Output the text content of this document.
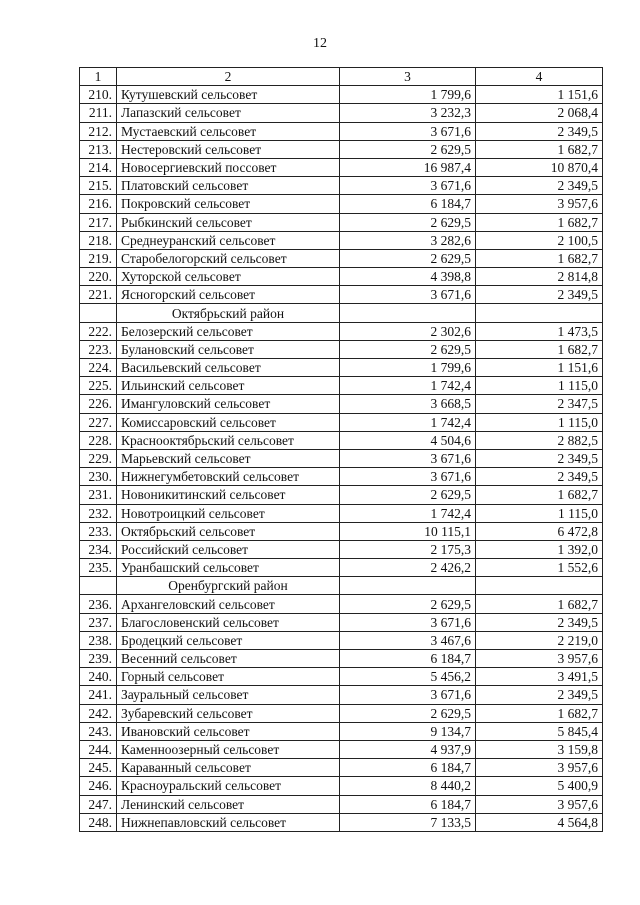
12
1	2	3	4
210.	Кутушевский сельсовет	1 799,6	1 151,6
211.	Лапазский сельсовет	3 232,3	2 068,4
212.	Мустаевский сельсовет	3 671,6	2 349,5
213.	Нестеровский сельсовет	2 629,5	1 682,7
214.	Новосергиевский поссовет	16 987,4	10 870,4
215.	Платовский сельсовет	3 671,6	2 349,5
216.	Покровский сельсовет	6 184,7	3 957,6
217.	Рыбкинский сельсовет	2 629,5	1 682,7
218.	Среднеуранский сельсовет	3 282,6	2 100,5
219.	Старобелогорский сельсовет	2 629,5	1 682,7
220.	Хуторской сельсовет	4 398,8	2 814,8
221.	Ясногорский сельсовет	3 671,6	2 349,5
	Октябрьский район		
222.	Белозерский сельсовет	2 302,6	1 473,5
223.	Булановский сельсовет	2 629,5	1 682,7
224.	Васильевский сельсовет	1 799,6	1 151,6
225.	Ильинский сельсовет	1 742,4	1 115,0
226.	Имангуловский сельсовет	3 668,5	2 347,5
227.	Комиссаровский сельсовет	1 742,4	1 115,0
228.	Краснооктябрьский сельсовет	4 504,6	2 882,5
229.	Марьевский сельсовет	3 671,6	2 349,5
230.	Нижнегумбетовский сельсовет	3 671,6	2 349,5
231.	Новоникитинский сельсовет	2 629,5	1 682,7
232.	Новотроицкий сельсовет	1 742,4	1 115,0
233.	Октябрьский сельсовет	10 115,1	6 472,8
234.	Российский сельсовет	2 175,3	1 392,0
235.	Уранбашский сельсовет	2 426,2	1 552,6
	Оренбургский район		
236.	Архангеловский сельсовет	2 629,5	1 682,7
237.	Благословенский сельсовет	3 671,6	2 349,5
238.	Бродецкий сельсовет	3 467,6	2 219,0
239.	Весенний сельсовет	6 184,7	3 957,6
240.	Горный сельсовет	5 456,2	3 491,5
241.	Зауральный сельсовет	3 671,6	2 349,5
242.	Зубаревский сельсовет	2 629,5	1 682,7
243.	Ивановский сельсовет	9 134,7	5 845,4
244.	Каменноозерный сельсовет	4 937,9	3 159,8
245.	Караванный сельсовет	6 184,7	3 957,6
246.	Красноуральский сельсовет	8 440,2	5 400,9
247.	Ленинский сельсовет	6 184,7	3 957,6
248.	Нижнепавловский сельсовет	7 133,5	4 564,8
